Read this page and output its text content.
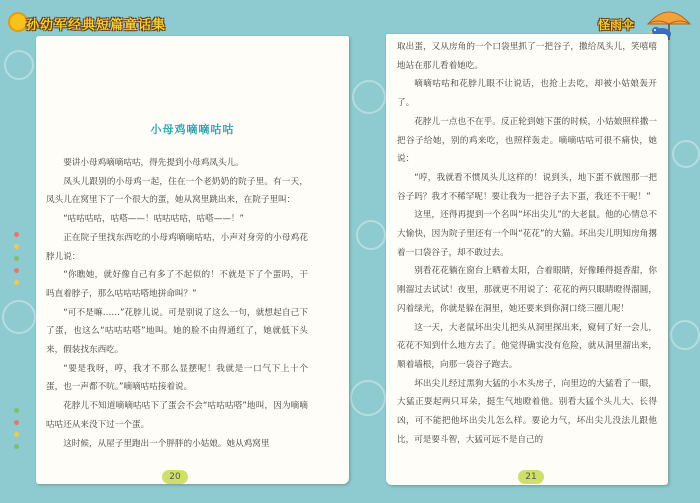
孙幼军经典短篇童话集	怪雨伞
小母鸡嘀嘀咕咕

要讲小母鸡嘀嘀咕咕，得先提到小母鸡凤头儿。

凤头儿跟别的小母鸡一起，住在一个老奶奶的院子里。有一天，凤头儿在窝里下了一个很大的蛋，她从窝里跳出来，在院子里叫：

“咕咕咕咕，咕嗒——！咕咕咕咕，咕嗒——！”

正在院子里找东西吃的小母鸡嘀嘀咕咕，小声对身旁的小母鸡花脖儿说：

“你瞧她，就好像自己有多了不起似的！不就是下了个蛋吗，干吗直着脖子，那么咕咕咕嗒地拼命叫？”

“可不是嘛……”花脖儿说。可是别说了这么一句，就想起自己下了蛋，也这么“咕咕咕嗒”地叫。她的脸不由得通红了，她就低下头来，假装找东西吃。

“要是我呀，哼，我才不那么显摆呢！我就是一口气下上十个蛋，也一声都不吭。”嘀嘀咕咕接着说。

花脖儿不知道嘀嘀咕咕下了蛋会不会“咕咕咕嗒”地叫，因为嘀嘀咕咕还从来没下过一个蛋。

这时候，从屋子里跑出一个胖胖的小姑娘。她从鸡窝里

20

取出蛋，又从房角的一个口袋里抓了一把谷子，撒给凤头儿，笑嘻嘻地站在那儿看着她吃。

嘀嘀咕咕和花脖儿眼不让说话，也抢上去吃，却被小姑娘轰开了。

花脖儿一点也不在乎。反正轮到她下蛋的时候，小姑娘照样撒一把谷子给她，别的鸡来吃，也照样轰走。嘀嘀咕咕可很不痛快，她说：

“哼，我就看不惯凤头儿这样的！说到头，地下蛋不就图那一把谷子吗？我才不稀罕呢！要让我为一把谷子去下蛋，我还不干呢！”

这里，还得再提到一个名叫“坏出尖儿”的大老鼠。他的心情总不大愉快，因为院子里还有一个叫“花花”的大猫。坏出尖儿明知房角撂着一口袋谷子，却不敢过去。

别看花花躺在窗台上晒着太阳，合着眼睛，好像睡得挺香甜，你刚溜过去试试！夜里，那就更不用说了：花花的两只眼睛瞪得溜圆，闪着绿光，你就是躲在洞里，她还要来到你洞口绕三圈儿呢！

这一天，大老鼠坏出尖儿把头从洞里探出来，窥伺了好一会儿，花花不知到什么地方去了。他觉得确实没有危险，就从洞里溜出来，顺着墙根，向那一袋谷子跑去。

坏出尖儿经过黑狗大猛的小木头房子，向里边的大猛看了一眼，大猛正耍起两只耳朵，挺生气地瞪着他。别看大猛个头儿大、长得凶，可不能把他坏出尖儿怎么样。要论力气，坏出尖儿没法儿跟他比，可是要斗智，大猛可远不是自己的

21
